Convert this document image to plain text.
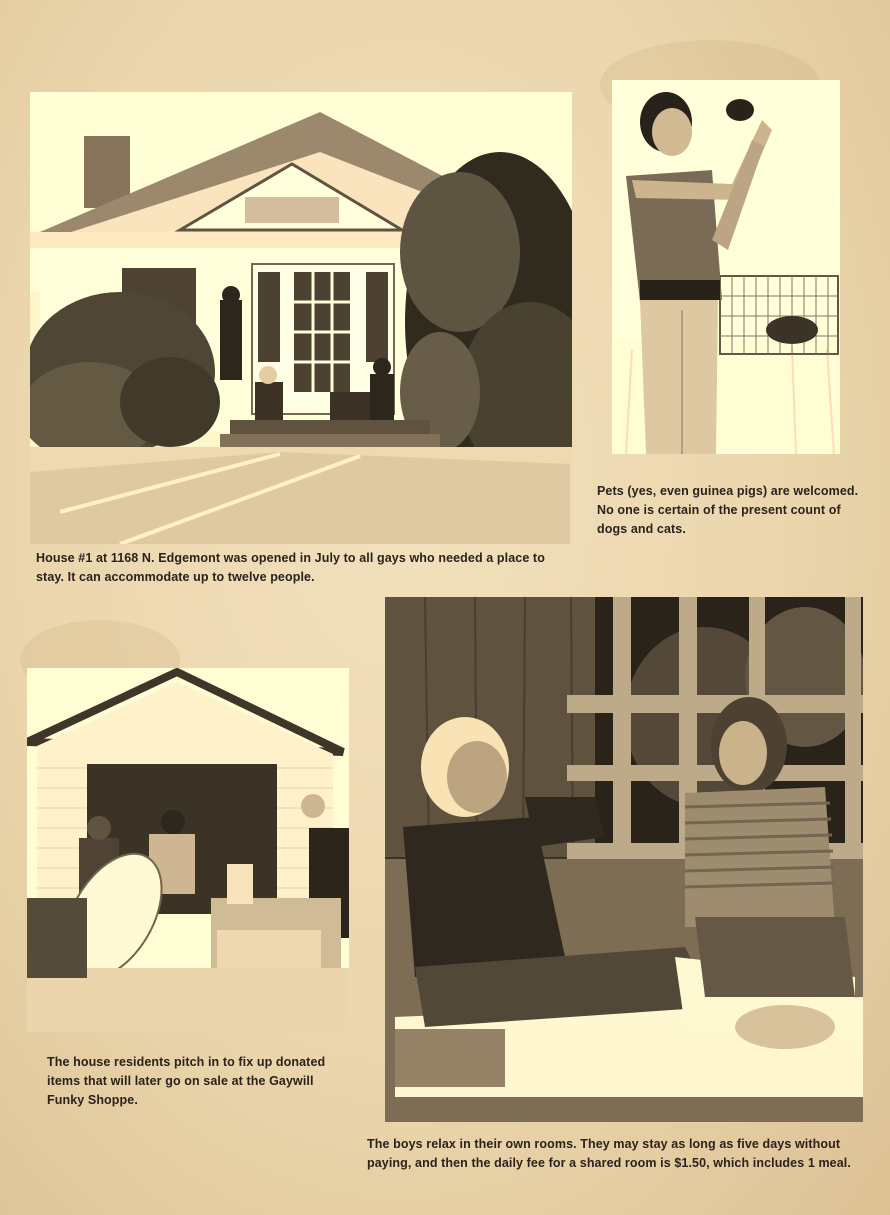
Pets (yes, even guinea pigs) are welcomed. No one is certain of the present count of dogs and cats.

House #1 at 1168 N. Edgemont was opened in July to all gays who needed a place to stay. It can accommodate up to twelve people.

The house residents pitch in to fix up donated items that will later go on sale at the Gaywill Funky Shoppe.

The boys relax in their own rooms. They may stay as long as five days without paying, and then the daily fee for a shared room is $1.50, which includes 1 meal.
